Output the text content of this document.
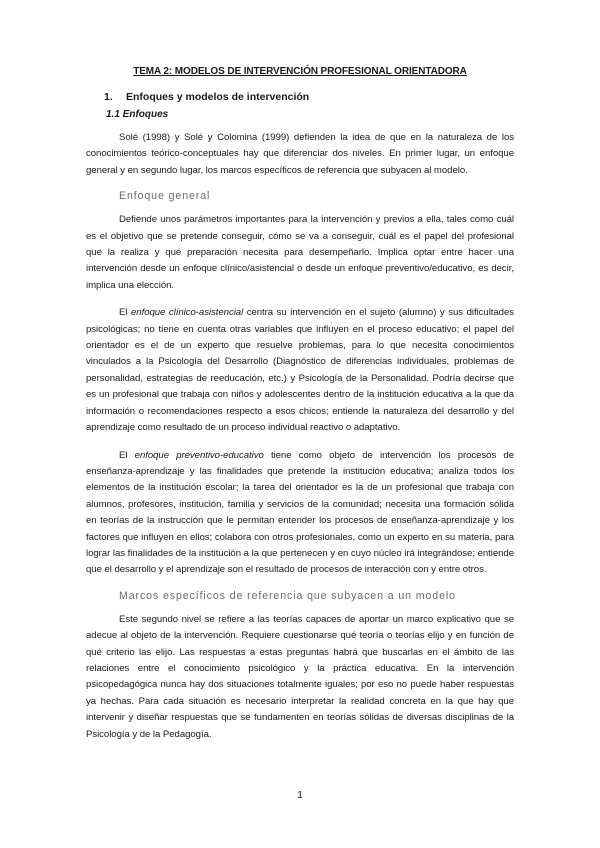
TEMA 2: MODELOS DE INTERVENCIÓN PROFESIONAL ORIENTADORA
1. Enfoques y modelos de intervención
1.1 Enfoques

Solé (1998) y Solé y Colomina (1999) defienden la idea de que en la naturaleza de los conocimientos teórico-conceptuales hay que diferenciar dos niveles. En primer lugar, un enfoque general y en segundo lugar, los marcos específicos de referencia que subyacen al modelo.

Enfoque general

Defiende unos parámetros importantes para la intervención y previos a ella, tales como cuál es el objetivo que se pretende conseguir, cómo se va a conseguir, cuál es el papel del profesional que la realiza y qué preparación necesita para desempeñarlo. Implica optar entre hacer una intervención desde un enfoque clínico/asistencial o desde un enfoque preventivo/educativo, es decir, implica una elección.

El enfoque clínico-asistencial centra su intervención en el sujeto (alumno) y sus dificultades psicológicas; no tiene en cuenta otras variables que influyen en el proceso educativo; el papel del orientador es el de un experto que resuelve problemas, para lo que necesita conocimientos vinculados a la Psicología del Desarrollo (Diagnóstico de diferencias individuales, problemas de personalidad, estrategias de reeducación, etc.) y Psicología de la Personalidad. Podría decirse que es un profesional que trabaja con niños y adolescentes dentro de la institución educativa a la que da información o recomendaciones respecto a esos chicos; entiende la naturaleza del desarrollo y del aprendizaje como resultado de un proceso individual reactivo o adaptativo.

El enfoque preventivo-educativo tiene como objeto de intervención los procesos de enseñanza-aprendizaje y las finalidades que pretende la institución educativa; analiza todos los elementos de la institución escolar; la tarea del orientador es la de un profesional que trabaja con alumnos, profesores, institución, familia y servicios de la comunidad; necesita una formación sólida en teorías de la instrucción que le permitan entender los procesos de enseñanza-aprendizaje y los factores que influyen en ellos; colabora con otros profesionales, como un experto en su materia, para lograr las finalidades de la institución a la que pertenecen y en cuyo núcleo irá integrándose; entiende que el desarrollo y el aprendizaje son el resultado de procesos de interacción con y entre otros.

Marcos específicos de referencia que subyacen a un modelo

Este segundo nivel se refiere a las teorías capaces de aportar un marco explicativo que se adecue al objeto de la intervención. Requiere cuestionarse qué teoría o teorías elijo y en función de qué criterio las elijo. Las respuestas a estas preguntas habrá que buscarlas en el ámbito de las relaciones entre el conocimiento psicológico y la práctica educativa. En la intervención psicopedagógica nunca hay dos situaciones totalmente iguales; por eso no puede haber respuestas ya hechas. Para cada situación es necesario interpretar la realidad concreta en la que hay que intervenir y diseñar respuestas que se fundamenten en teorías sólidas de diversas disciplinas de la Psicología y de la Pedagogía.

1
